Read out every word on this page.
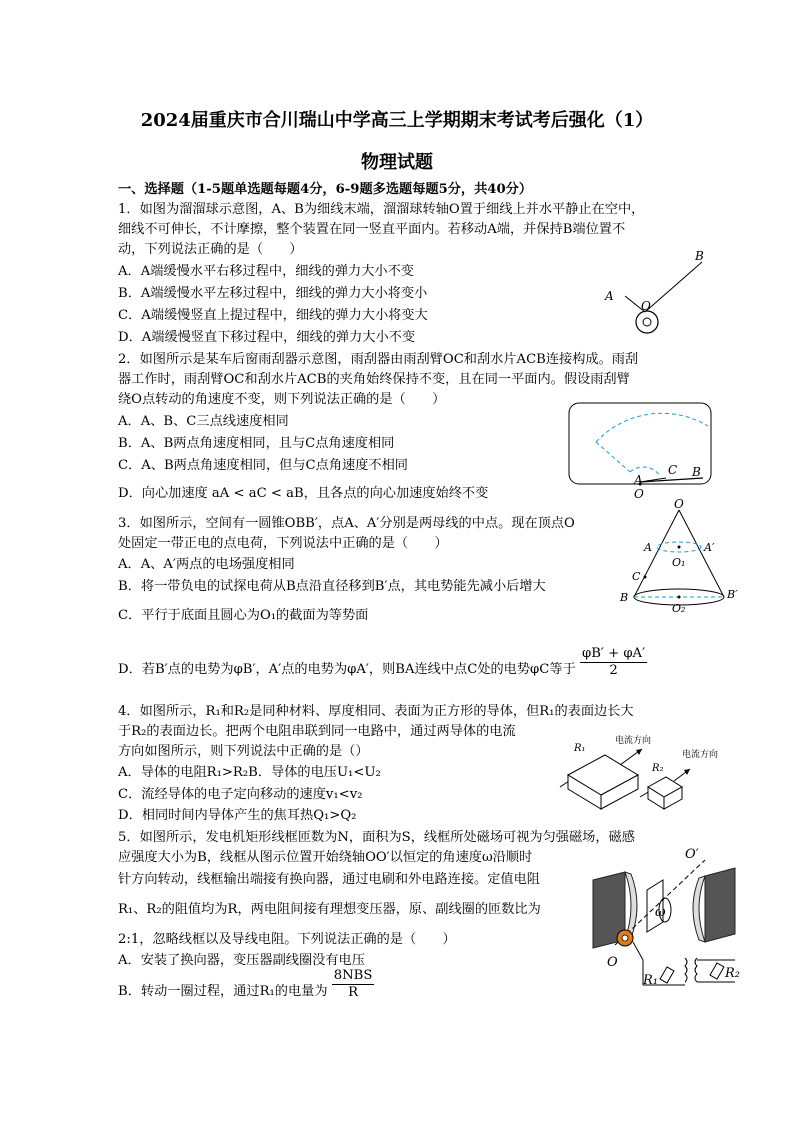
2024届重庆市合川瑞山中学高三上学期期末考试考后强化（1）
物理试题
一、选择题（1-5题单选题每题4分，6-9题多选题每题5分，共40分）
1．如图为溜溜球示意图，A、B为细线末端，溜溜球转轴O置于细线上并水平静止在空中，
细线不可伸长，不计摩擦，整个装置在同一竖直平面内。若移动A端，并保持B端位置不
动，下列说法正确的是（　　）
A．A端缓慢水平右移过程中，细线的弹力大小不变
B．A端缓慢水平左移过程中，细线的弹力大小将变小
C．A端缓慢竖直上提过程中，细线的弹力大小将变大
D．A端缓慢竖直下移过程中，细线的弹力大小不变
A
B
O
2．如图所示是某车后窗雨刮器示意图，雨刮器由雨刮臂OC和刮水片ACB连接构成。雨刮
器工作时，雨刮臂OC和刮水片ACB的夹角始终保持不变，且在同一平面内。假设雨刮臂
绕O点转动的角速度不变，则下列说法正确的是（　　）
A．A、B、C三点线速度相同
B．A、B两点角速度相同，且与C点角速度相同
C．A、B两点角速度相同，但与C点角速度不相同
D．向心加速度 aA < aC < aB，且各点的向心加速度始终不变
C B
A
O
3．如图所示，空间有一圆锥OBB′，点A、A′分别是两母线的中点。现在顶点O
处固定一带正电的点电荷，下列说法中正确的是（　　）
A．A、A′两点的电场强度相同
B．将一带负电的试探电荷从B点沿直径移到B′点，其电势能先减小后增大
C．平行于底面且圆心为O₁的截面为等势面
D．若B′点的电势为φB′，A′点的电势为φA′，则BA连线中点C处的电势φC等于 $\frac{\varphi B' + \varphi A'}{2}$
O
A	A′
O₁
C
B	B′
O₂
4．如图所示，R₁和R₂是同种材料、厚度相同、表面为正方形的导体，但R₁的表面边长大
于R₂的表面边长。把两个电阻串联到同一电路中，通过两导体的电流
方向如图所示，则下列说法中正确的是（）
A．导体的电阻R₁>R₂B．导体的电压U₁<U₂
C．流经导体的电子定向移动的速度v₁<v₂
D．相同时间内导体产生的焦耳热Q₁>Q₂
电流方向
R₁
电流方向
R₂
5．如图所示，发电机矩形线框匝数为N，面积为S，线框所处磁场可视为匀强磁场，磁感
应强度大小为B，线框从图示位置开始绕轴OO′以恒定的角速度ω沿顺时
针方向转动，线框输出端接有换向器，通过电刷和外电路连接。定值电阻
R₁、R₂的阻值均为R，两电阻间接有理想变压器，原、副线圈的匝数比为
2:1，忽略线框以及导线电阻。下列说法正确的是（　　）
A．安装了换向器，变压器副线圈没有电压
B．转动一圈过程，通过R₁的电量为 $\frac{\text{8NBS}}{R}$
O
O′
ω
R₁	R₂
